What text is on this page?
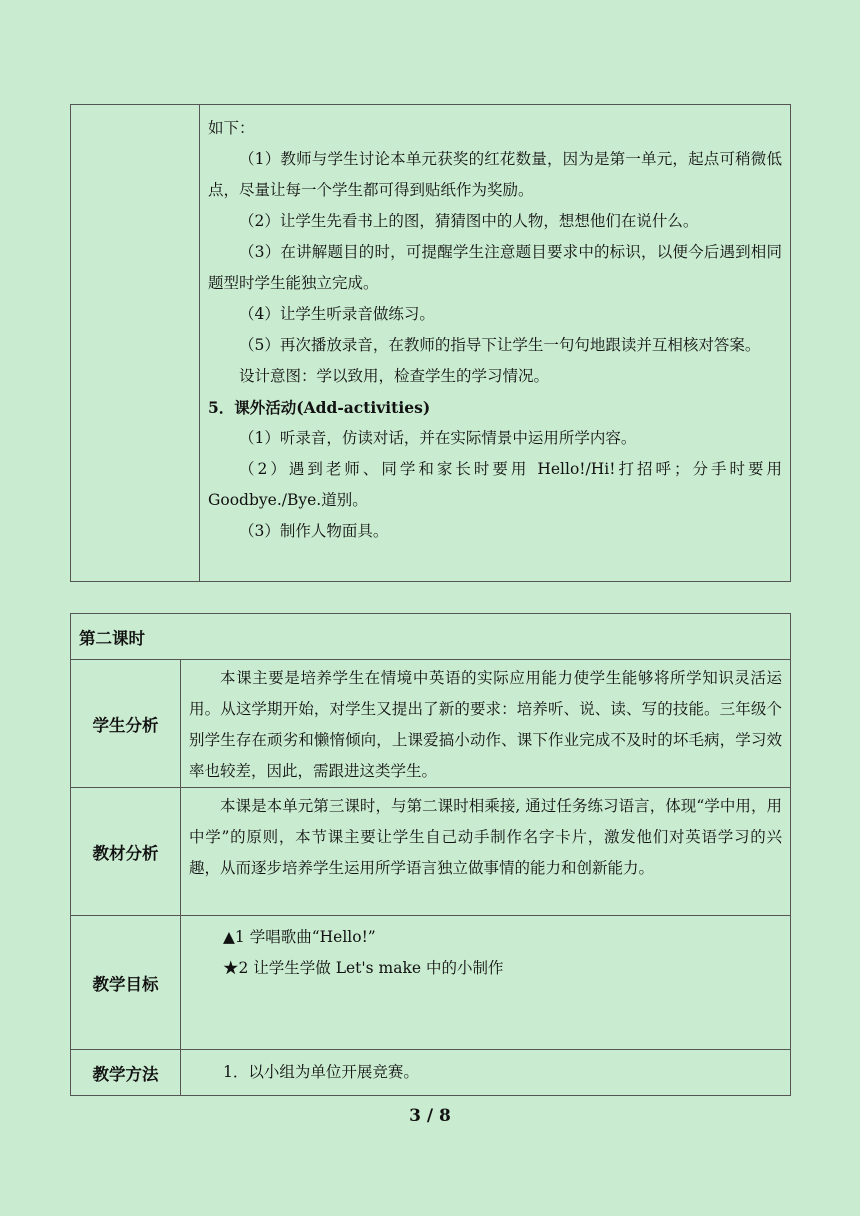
如下：

（1）教师与学生讨论本单元获奖的红花数量，因为是第一单元，起点可稍微低点，尽量让每一个学生都可得到贴纸作为奖励。

（2）让学生先看书上的图，猜猜图中的人物，想想他们在说什么。

（3）在讲解题目的时，可提醒学生注意题目要求中的标识，以便今后遇到相同题型时学生能独立完成。

（4）让学生听录音做练习。

（5）再次播放录音，在教师的指导下让学生一句句地跟读并互相核对答案。

设计意图：学以致用，检查学生的学习情况。

5．课外活动(Add-activities)

（1）听录音，仿读对话，并在实际情景中运用所学内容。

（2）遇到老师、同学和家长时要用 Hello!/Hi!打招呼；分手时要用 Goodbye./Bye.道别。

（3）制作人物面具。

第二课时	
学生分析	本课主要是培养学生在情境中英语的实际应用能力使学生能够将所学知识灵活运用。从这学期开始，对学生又提出了新的要求：培养听、说、读、写的技能。三年级个别学生存在顽劣和懒惰倾向，上课爱搞小动作、课下作业完成不及时的坏毛病，学习效率也较差，因此，需跟进这类学生。

教材分析	本课是本单元第三课时，与第二课时相乘接, 通过任务练习语言，体现“学中用，用中学”的原则，本节课主要让学生自己动手制作名字卡片，激发他们对英语学习的兴趣，从而逐步培养学生运用所学语言独立做事情的能力和创新能力。

教学目标	▲1 学唱歌曲“Hello!”

★2 让学生学做 Let's make 中的小制作

教学方法	1．以小组为单位开展竞赛。

3 / 8
